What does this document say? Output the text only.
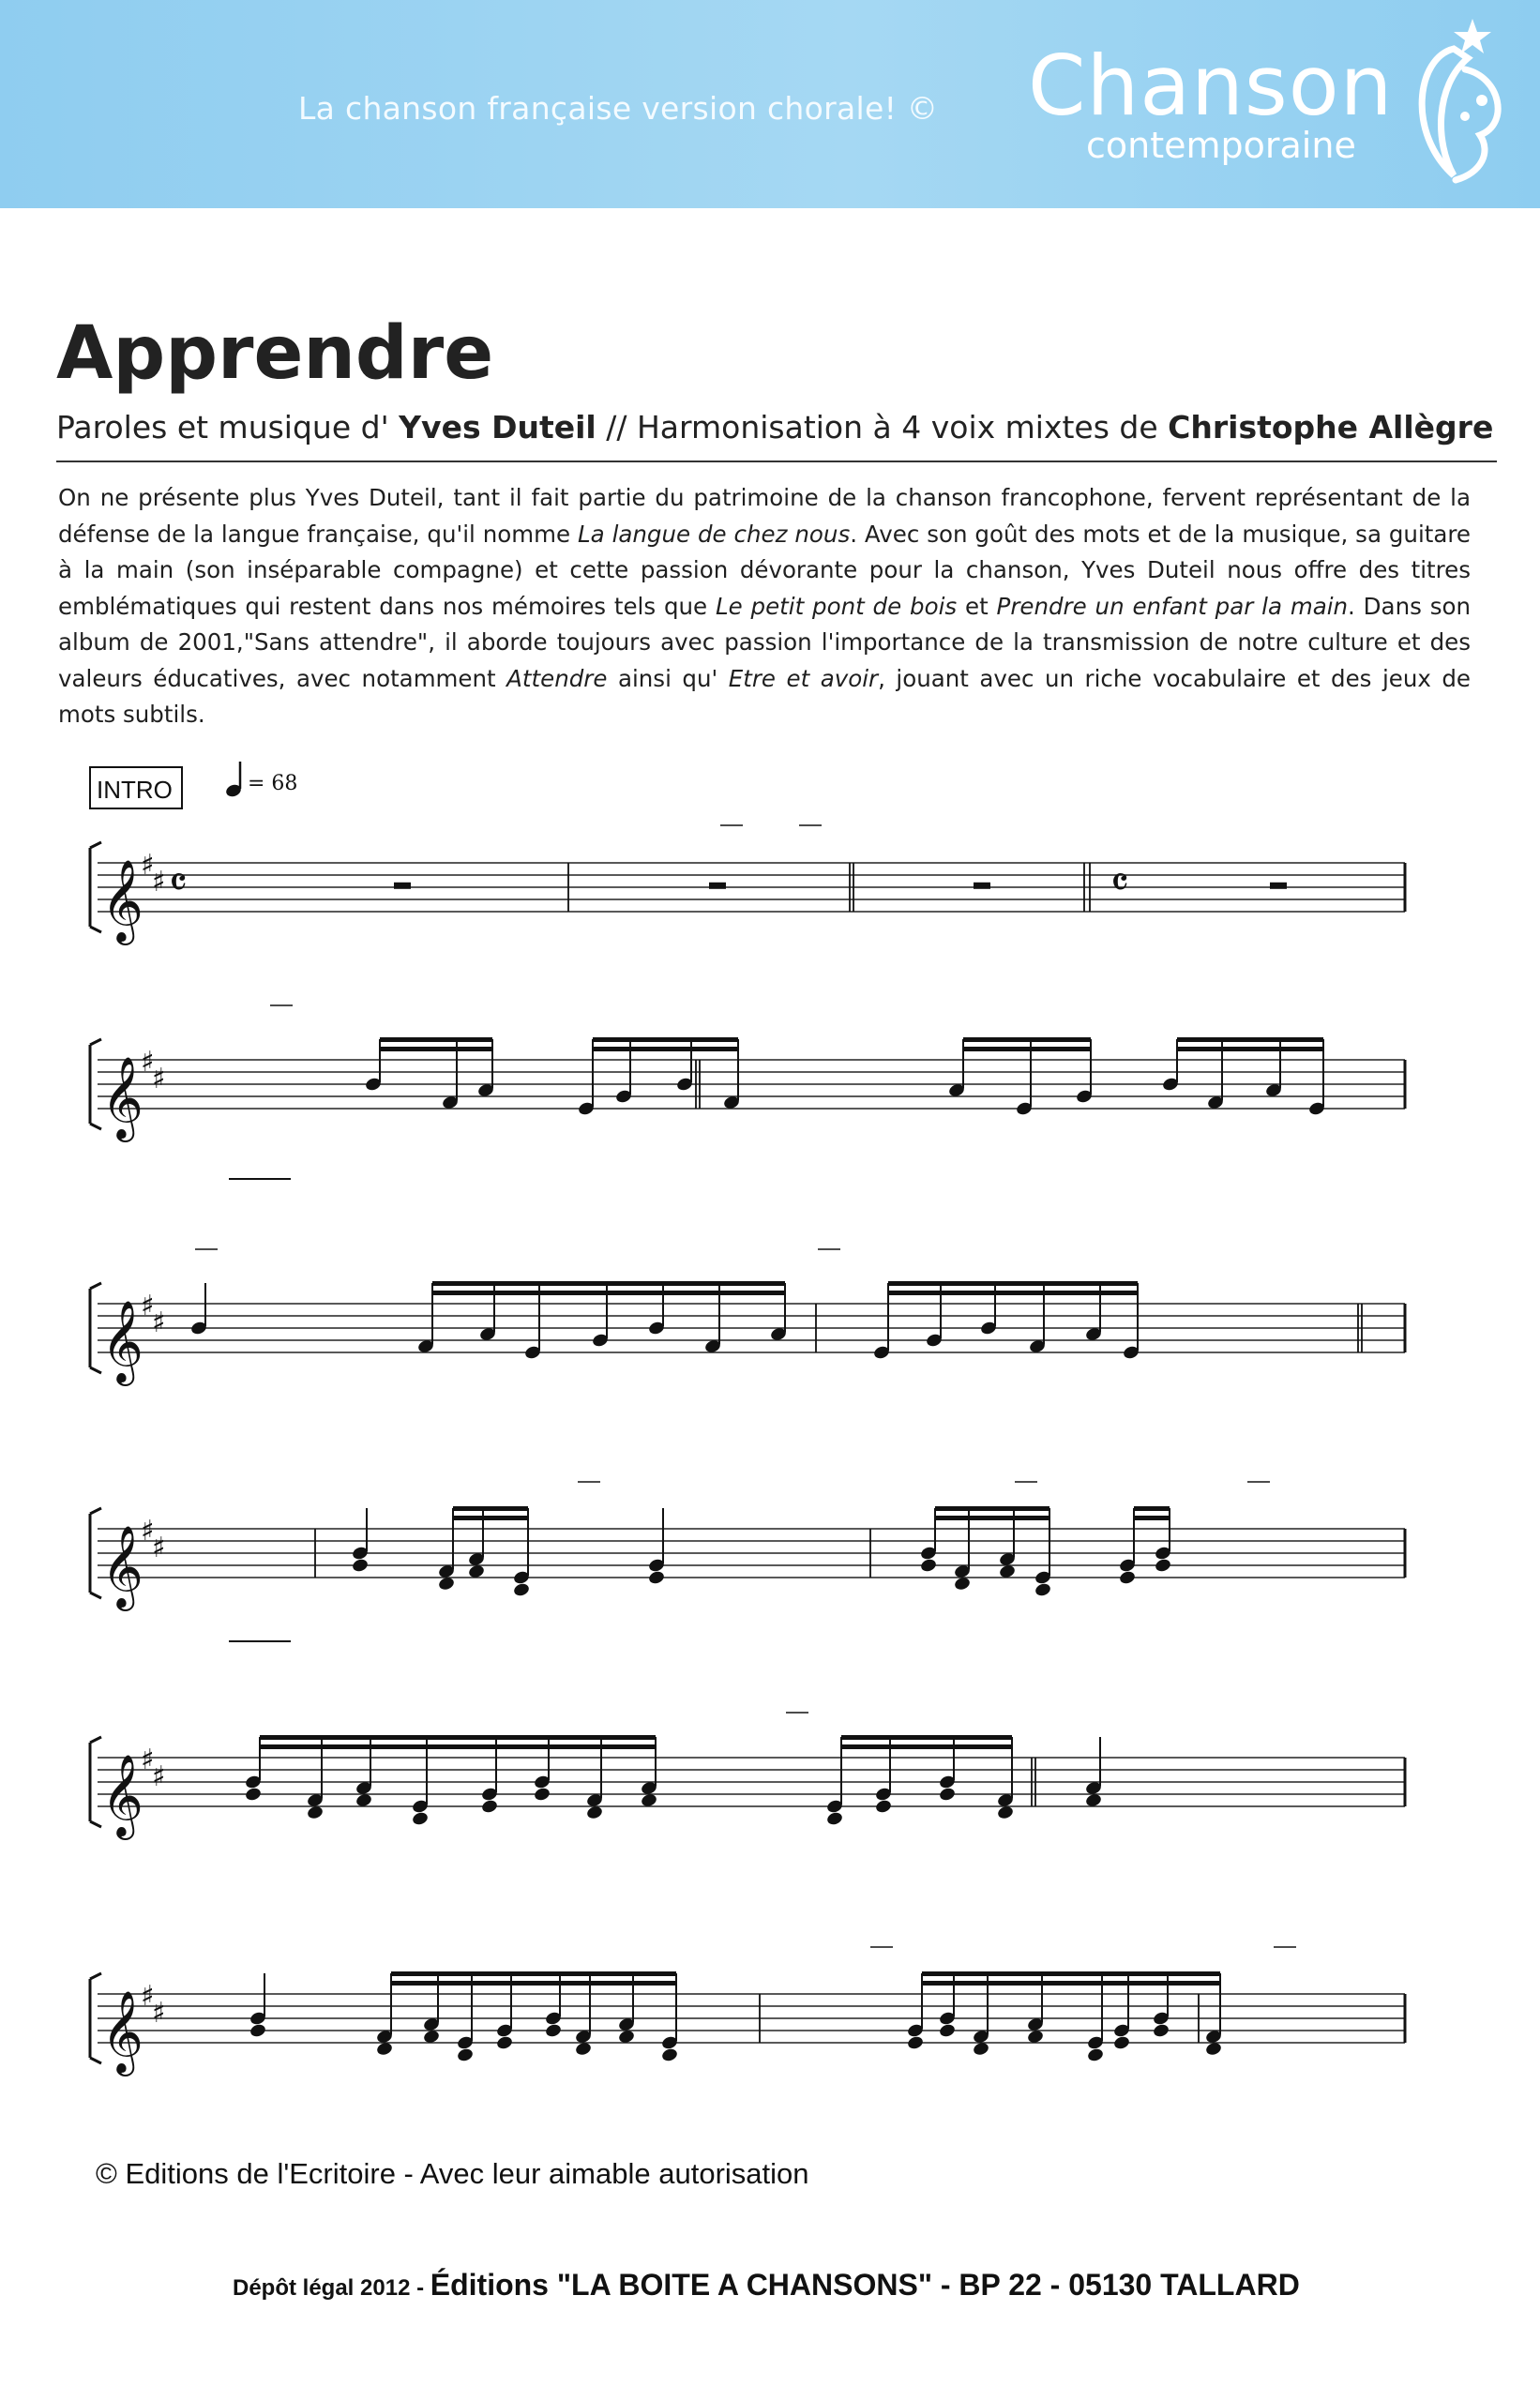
La chanson française version chorale! © Chanson
contemporaine
Apprendre
Paroles et musique d' Yves Duteil // Harmonisation à 4 voix mixtes de Christophe Allègre
On ne présente plus Yves Duteil, tant il fait partie du patrimoine de la chanson francophone, fervent représentant de la défense de la langue française, qu'il nomme La langue de chez nous. Avec son goût des mots et de la musique, sa guitare à la main (son inséparable compagne) et cette passion dévorante pour la chanson, Yves Duteil nous offre des titres emblématiques qui restent dans nos mémoires tels que Le petit pont de bois et Prendre un enfant par la main. Dans son album de 2001,"Sans attendre", il aborde toujours avec passion l'importance de la transmission de notre culture et des valeurs éducatives, avec notamment Attendre ainsi qu' Etre et avoir, jouant avec un riche vocabulaire et des jeux de mots subtils.
INTRO	= 68
𝄞
♯
♯ 𝄴	𝄴
𝄞
♯
♯
𝄞
♯
♯
𝄞
♯
♯
𝄞
♯
♯
𝄞
♯
♯
© Editions de l'Ecritoire - Avec leur aimable autorisation
Dépôt légal 2012 - Éditions "LA BOITE A CHANSONS" - BP 22 - 05130 TALLARD
